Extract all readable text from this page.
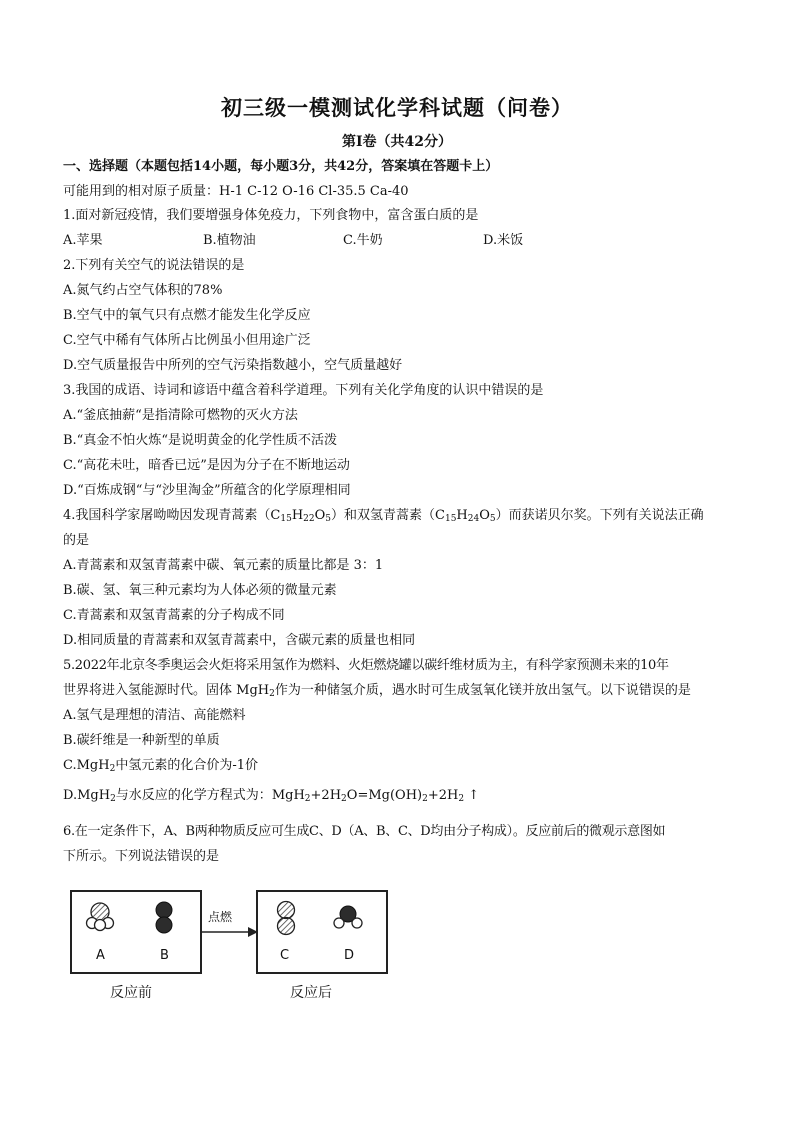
初三级一模测试化学科试题（问卷）
第Ⅰ卷（共42分）
一、选择题（本题包括14小题，每小题3分，共42分，答案填在答题卡上）
可能用到的相对原子质量：H-1 C-12 O-16 Cl-35.5 Ca-40
1.面对新冠疫情，我们要增强身体免疫力，下列食物中，富含蛋白质的是
A.苹果	B.植物油	C.牛奶	D.米饭
2.下列有关空气的说法错误的是
A.氮气约占空气体积的78%
B.空气中的氧气只有点燃才能发生化学反应
C.空气中稀有气体所占比例虽小但用途广泛
D.空气质量报告中所列的空气污染指数越小，空气质量越好
3.我国的成语、诗词和谚语中蕴含着科学道理。下列有关化学角度的认识中错误的是
A.“釜底抽薪“是指清除可燃物的灭火方法
B.“真金不怕火炼“是说明黄金的化学性质不活泼
C.“高花未吐，暗香已远”是因为分子在不断地运动
D.“百炼成钢“与“沙里淘金”所蕴含的化学原理相同
4.我国科学家屠呦呦因发现青蒿素$(C_{15}H_{22}O_5)$和双氢青蒿素$(C_{15}H_{24}O_5)$而获诺贝尔奖。下列有关说法正确
的是
A.青蒿素和双氢青蒿素中碳、氧元素的质量比都是 3：1
B.碳、氢、氧三种元素均为人体必须的微量元素
C.青蒿素和双氢青蒿素的分子构成不同
D.相同质量的青蒿素和双氢青蒿素中，含碳元素的质量也相同
5.2022年北京冬季奥运会火炬将采用氢作为燃料、火炬燃烧罐以碳纤维材质为主，有科学家预测未来的10年
世界将进入氢能源时代。固体 MgH$_2$作为一种储氢介质，遇水时可生成氢氧化镁并放出氢气。以下说错误的是
A.氢气是理想的清洁、高能燃料
B.碳纤维是一种新型的单质
C.MgH$_2$中氢元素的化合价为-1价
D.MgH$_2$与水反应的化学方程式为：$MgH_2+2H_2O=Mg(OH)_2+2H_2$ ↑
6.在一定条件下，A、B两种物质反应可生成C、D（A、B、C、D均由分子构成）。反应前后的微观示意图如
下所示。下列说法错误的是
A	B
点燃
C	D
反应前	反应后
